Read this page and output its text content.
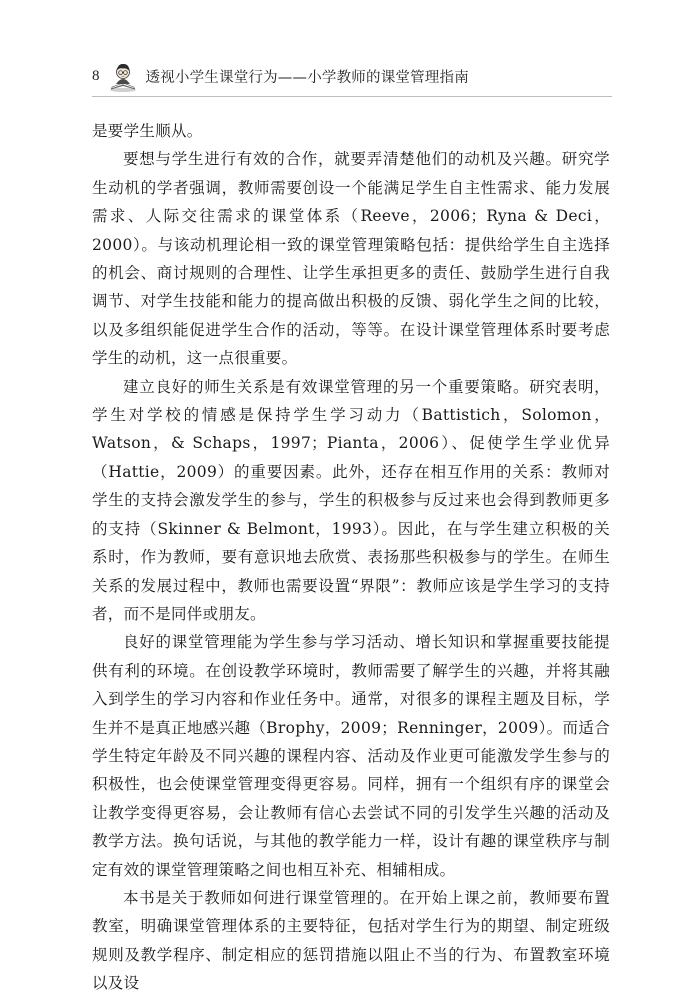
8	透视小学生课堂行为——小学教师的课堂管理指南

是要学生顺从。

要想与学生进行有效的合作，就要弄清楚他们的动机及兴趣。研究学生动机的学者强调，教师需要创设一个能满足学生自主性需求、能力发展需求、人际交往需求的课堂体系（Reeve，2006；Ryna & Deci，2000）。与该动机理论相一致的课堂管理策略包括：提供给学生自主选择的机会、商讨规则的合理性、让学生承担更多的责任、鼓励学生进行自我调节、对学生技能和能力的提高做出积极的反馈、弱化学生之间的比较，以及多组织能促进学生合作的活动，等等。在设计课堂管理体系时要考虑学生的动机，这一点很重要。

建立良好的师生关系是有效课堂管理的另一个重要策略。研究表明，学生对学校的情感是保持学生学习动力（Battistich，Solomon，Watson，& Schaps，1997；Pianta，2006）、促使学生学业优异（Hattie，2009）的重要因素。此外，还存在相互作用的关系：教师对学生的支持会激发学生的参与，学生的积极参与反过来也会得到教师更多的支持（Skinner & Belmont，1993）。因此，在与学生建立积极的关系时，作为教师，要有意识地去欣赏、表扬那些积极参与的学生。在师生关系的发展过程中，教师也需要设置“界限”：教师应该是学生学习的支持者，而不是同伴或朋友。

良好的课堂管理能为学生参与学习活动、增长知识和掌握重要技能提供有利的环境。在创设教学环境时，教师需要了解学生的兴趣，并将其融入到学生的学习内容和作业任务中。通常，对很多的课程主题及目标，学生并不是真正地感兴趣（Brophy，2009；Renninger，2009）。而适合学生特定年龄及不同兴趣的课程内容、活动及作业更可能激发学生参与的积极性，也会使课堂管理变得更容易。同样，拥有一个组织有序的课堂会让教学变得更容易，会让教师有信心去尝试不同的引发学生兴趣的活动及教学方法。换句话说，与其他的教学能力一样，设计有趣的课堂秩序与制定有效的课堂管理策略之间也相互补充、相辅相成。

本书是关于教师如何进行课堂管理的。在开始上课之前，教师要布置教室，明确课堂管理体系的主要特征，包括对学生行为的期望、制定班级规则及教学程序、制定相应的惩罚措施以阻止不当的行为、布置教室环境以及设
